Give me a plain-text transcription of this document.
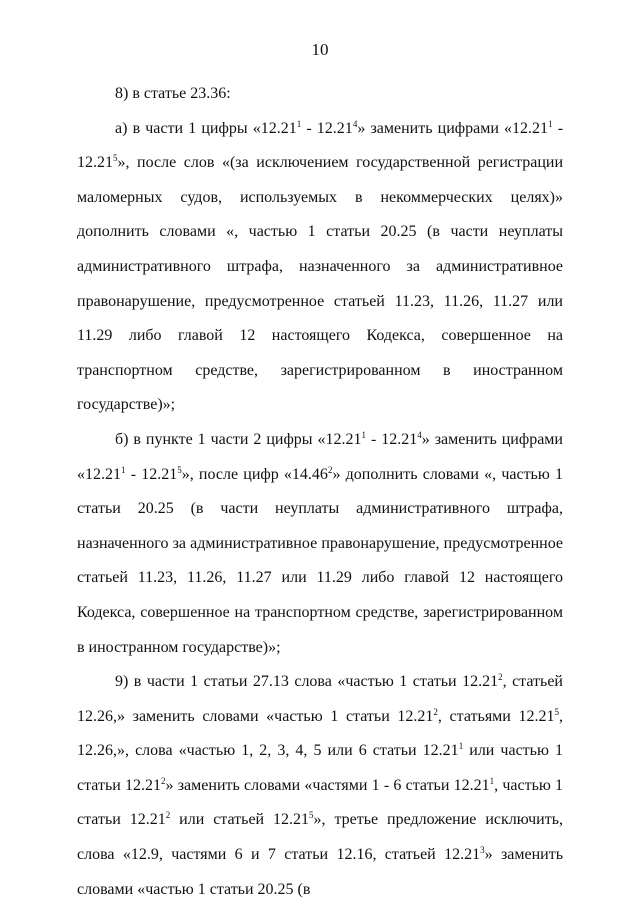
10

8) в статье 23.36:

а) в части 1 цифры «12.21$^1$ - 12.21$^4$» заменить цифрами «12.21$^1$ - 12.21$^5$», после слов «(за исключением государственной регистрации маломерных судов, используемых в некоммерческих целях)» дополнить словами «, частью 1 статьи 20.25 (в части неуплаты административного штрафа, назначенного за административное правонарушение, предусмотренное статьей 11.23, 11.26, 11.27 или 11.29 либо главой 12 настоящего Кодекса, совершенное на транспортном средстве, зарегистрированном в иностранном государстве)»;

б) в пункте 1 части 2 цифры «12.21$^1$ - 12.21$^4$» заменить цифрами «12.21$^1$ - 12.21$^5$», после цифр «14.46$^2$» дополнить словами «, частью 1 статьи 20.25 (в части неуплаты административного штрафа, назначенного за административное правонарушение, предусмотренное статьей 11.23, 11.26, 11.27 или 11.29 либо главой 12 настоящего Кодекса, совершенное на транспортном средстве, зарегистрированном в иностранном государстве)»;

9) в части 1 статьи 27.13 слова «частью 1 статьи 12.21$^2$, статьей 12.26,» заменить словами «частью 1 статьи 12.21$^2$, статьями 12.21$^5$, 12.26,», слова «частью 1, 2, 3, 4, 5 или 6 статьи 12.21$^1$ или частью 1 статьи 12.21$^2$» заменить словами «частями 1 - 6 статьи 12.21$^1$, частью 1 статьи 12.21$^2$ или статьей 12.21$^5$», третье предложение исключить, слова «12.9, частями 6 и 7 статьи 12.16, статьей 12.21$^3$» заменить словами «частью 1 статьи 20.25 (в
